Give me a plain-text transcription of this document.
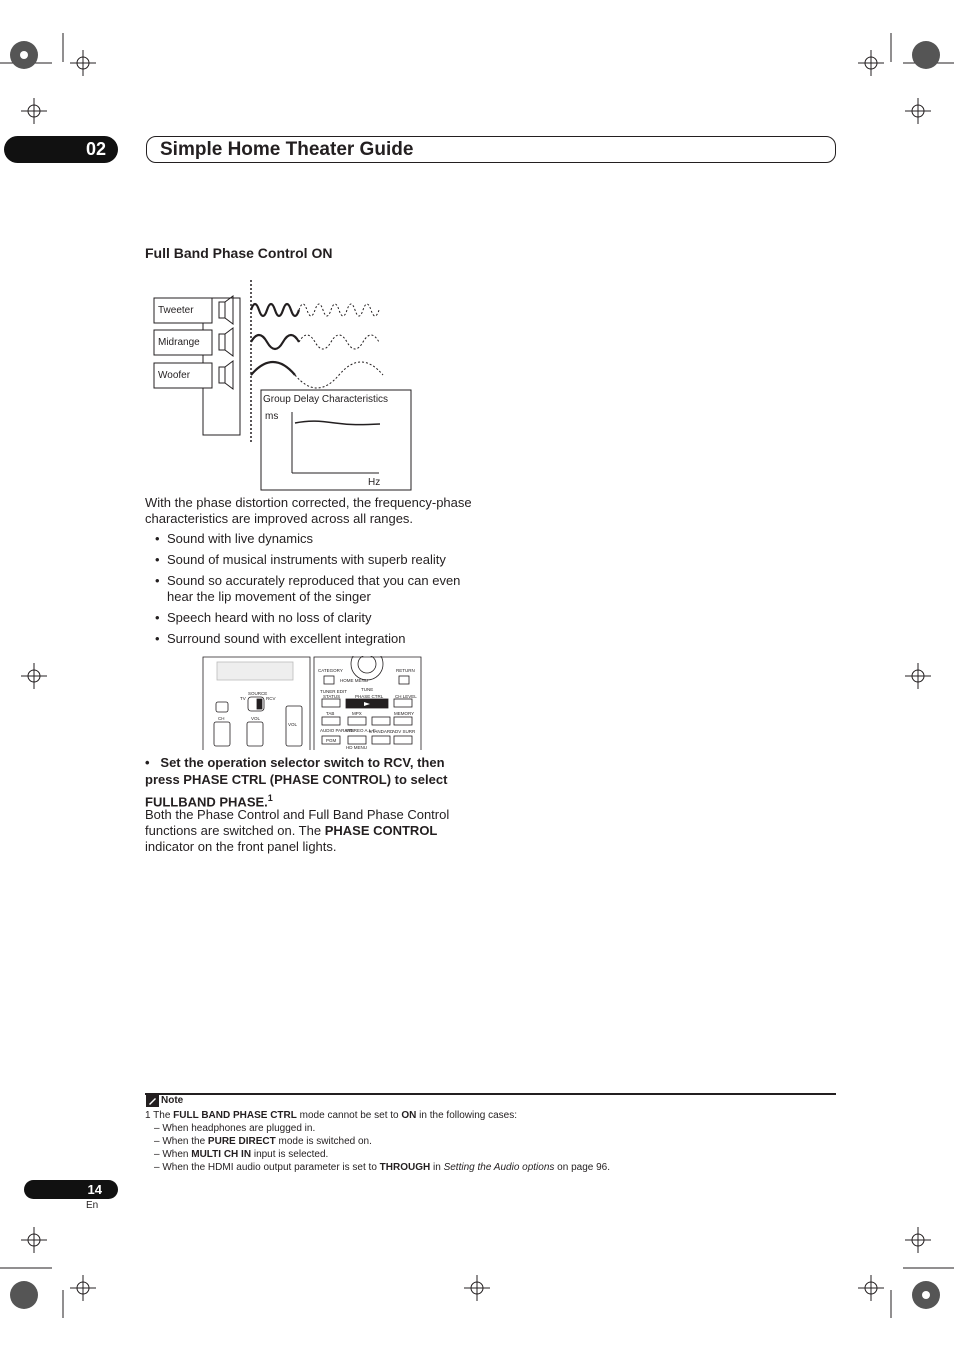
02	Simple Home Theater Guide
Full Band Phase Control ON
Tweeter
Midrange
Woofer
Group Delay Characteristics
ms
Hz
With the phase distortion corrected, the frequency-phase
characteristics are improved across all ranges.
• Sound with live dynamics
• Sound of musical instruments with superb reality
• Sound so accurately reproduced that you can even hear the lip movement of the singer
• Speech heard with no loss of clarity
• Surround sound with excellent integration
TV
SOURCE
RCV
CH	VOL
VOL
CATEGORY
TUNE
HOME MENU
RETURN
PHASE CTRL
STATUS	CH LEVEL
TUNER EDIT
MPX
TAB	MEMORY
AUDIO PARAMS
STEREO A.L.C.
STANDARD
ADV SURR
PGM
HD MENU
• Set the operation selector switch to RCV, then
press PHASE CTRL (PHASE CONTROL) to select
FULLBAND PHASE.$^1$
Both the Phase Control and Full Band Phase Control
functions are switched on. The PHASE CONTROL
indicator on the front panel lights.
Note
1 The FULL BAND PHASE CTRL mode cannot be set to ON in the following cases:
– When headphones are plugged in.
– When the PURE DIRECT mode is switched on.
– When MULTI CH IN input is selected.
– When the HDMI audio output parameter is set to THROUGH in Setting the Audio options on page 96.
14
En
